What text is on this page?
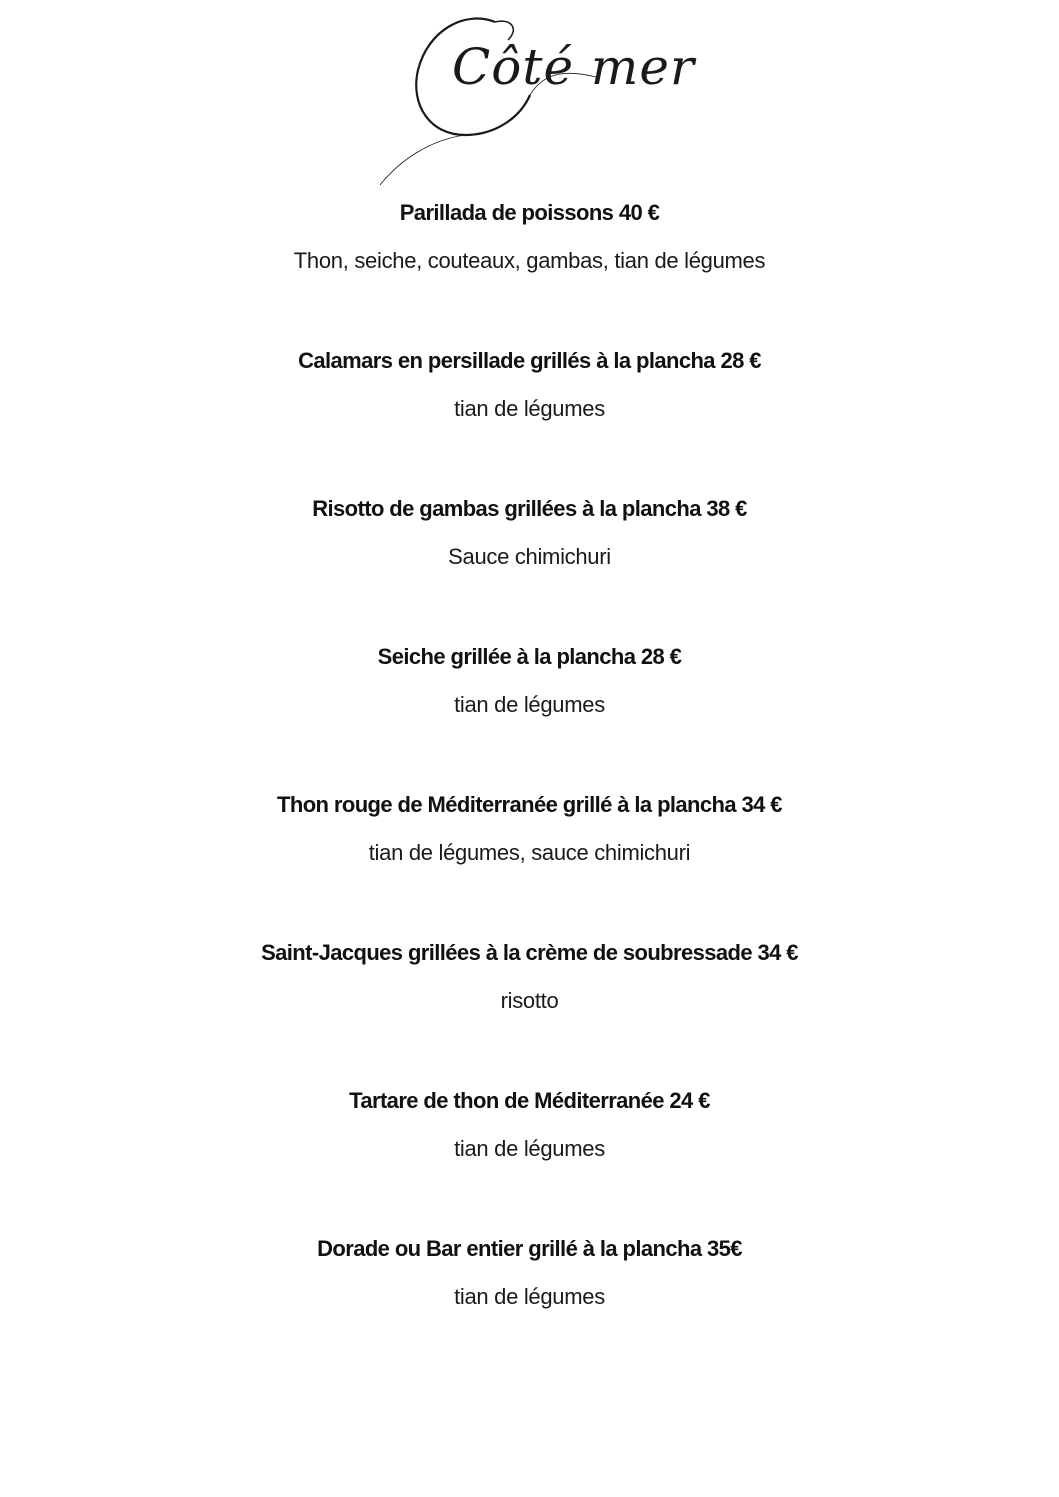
Côté mer
Parillada de poissons 40 €
Thon, seiche, couteaux, gambas, tian de légumes
Calamars en persillade grillés à la plancha 28 €
tian de légumes
Risotto de gambas grillées à la plancha 38 €
Sauce chimichuri
Seiche grillée à la plancha 28 €
tian de légumes
Thon rouge de Méditerranée grillé à la plancha 34 €
tian de légumes, sauce chimichuri
Saint-Jacques grillées à la crème de soubressade 34 €
risotto
Tartare de thon de Méditerranée 24 €
tian de légumes
Dorade ou Bar entier grillé à la plancha 35€
tian de légumes
